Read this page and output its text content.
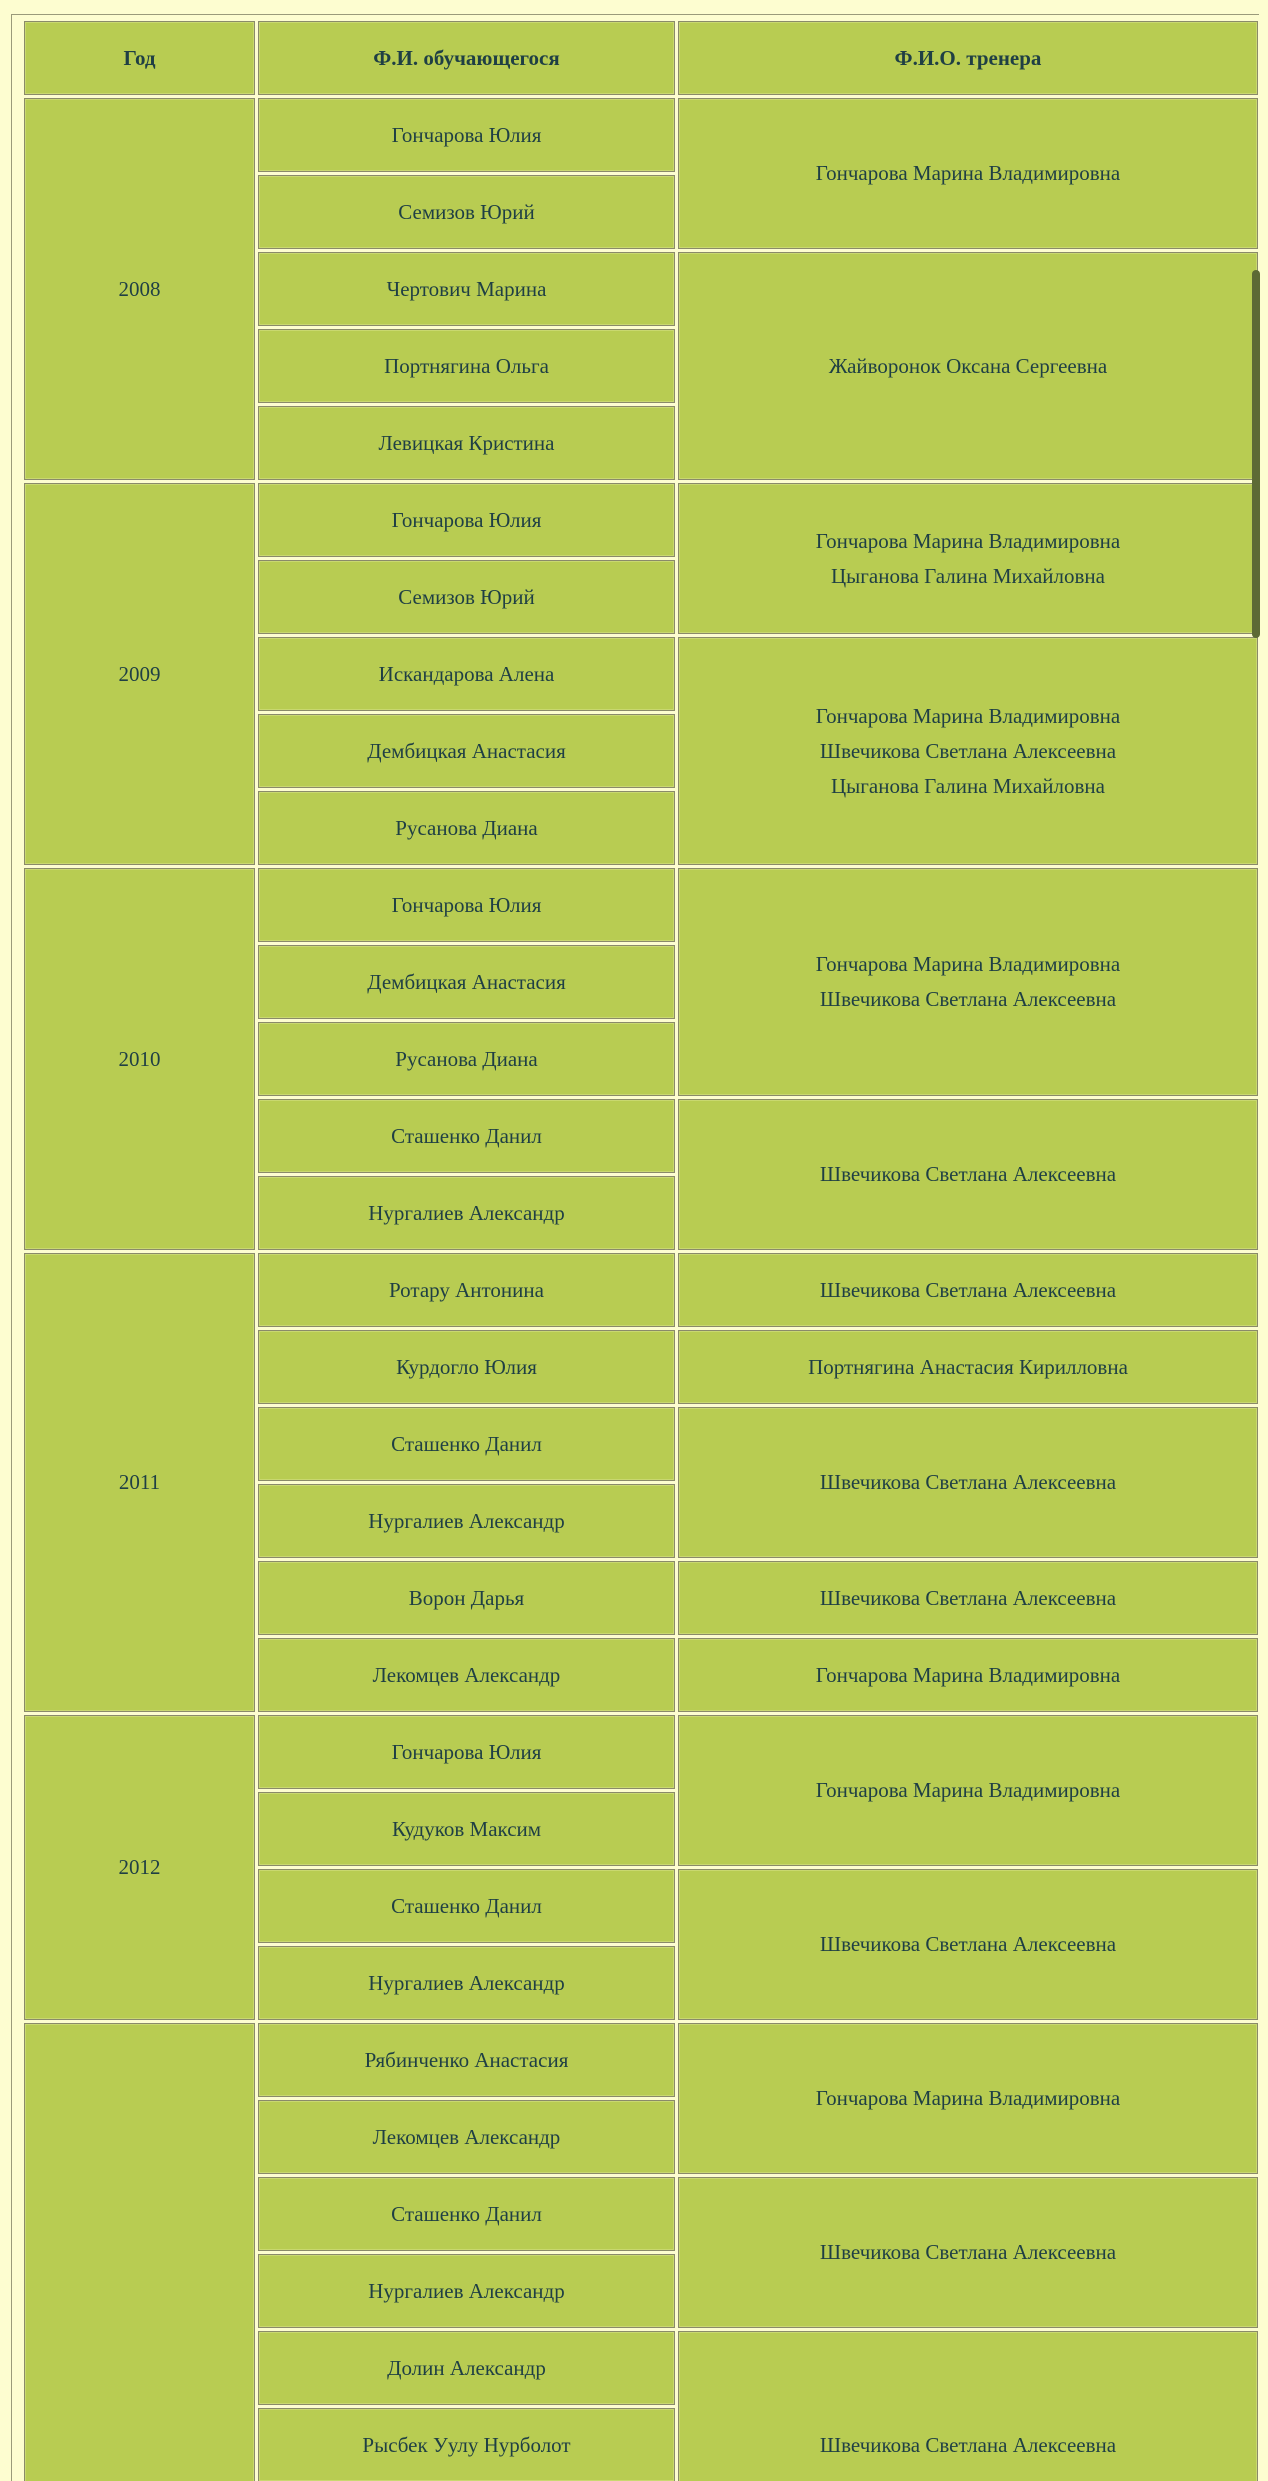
Год	Ф.И. обучающегося	Ф.И.О. тренера
2008	Гончарова Юлия	Гончарова Марина Владимировна

	Семизов Юрий	
	Чертович Марина	Жайворонок Оксана Сергеевна

	Портнягина Ольга	
	Левицкая Кристина	
2009	Гончарова Юлия	Гончарова Марина Владимировна
Цыганова Галина Михайловна

	Семизов Юрий	
	Искандарова Алена	Гончарова Марина Владимировна
Швечикова Светлана Алексеевна
Цыганова Галина Михайловна

	Дембицкая Анастасия	
	Русанова Диана	
2010	Гончарова Юлия	Гончарова Марина Владимировна
Швечикова Светлана Алексеевна

	Дембицкая Анастасия	
	Русанова Диана	
	Сташенко Данил	Швечикова Светлана Алексеевна

	Нургалиев Александр	
2011	Ротару Антонина	Швечикова Светлана Алексеевна

	Курдогло Юлия	Портнягина Анастасия Кирилловна

	Сташенко Данил	Швечикова Светлана Алексеевна

	Нургалиев Александр	
	Ворон Дарья	Швечикова Светлана Алексеевна

	Лекомцев Александр	Гончарова Марина Владимировна

2012	Гончарова Юлия	Гончарова Марина Владимировна

	Кудуков Максим	
	Сташенко Данил	Швечикова Светлана Алексеевна

	Нургалиев Александр	
	Рябинченко Анастасия	Гончарова Марина Владимировна

	Лекомцев Александр	
	Сташенко Данил	Швечикова Светлана Алексеевна

	Нургалиев Александр	
	Долин Александр	Швечикова Светлана Алексеевна

	Рысбек Уулу Нурболот	
